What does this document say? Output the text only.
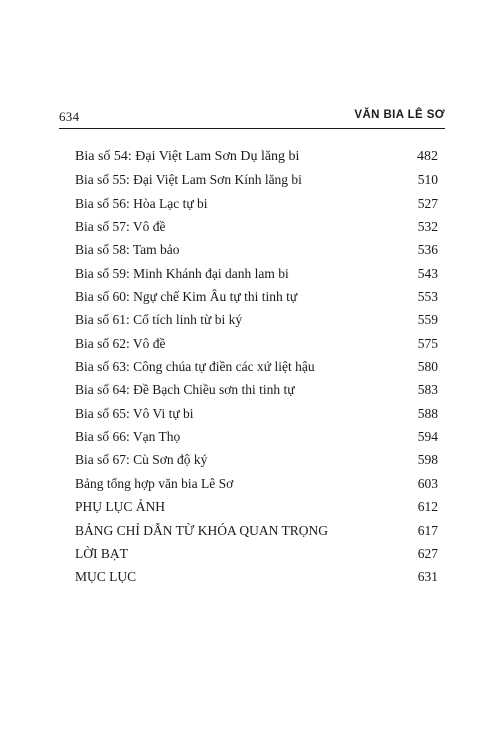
634	VĂN BIA LÊ SƠ
Bia số 54: Đại Việt Lam Sơn Dụ lăng bi	482
Bia số 55: Đại Việt Lam Sơn Kính lăng bi	510
Bia số 56: Hòa Lạc tự bi	527
Bia số 57: Vô đề	532
Bia số 58: Tam bảo	536
Bia số 59: Minh Khánh đại danh lam bi	543
Bia số 60: Ngự chế Kim Âu tự thi tinh tự	553
Bia số 61: Cổ tích linh từ bi ký	559
Bia số 62: Vô đề	575
Bia số 63: Công chúa tự điền các xứ liệt hậu	580
Bia số 64: Đề Bạch Chiều sơn thi tinh tự	583
Bia số 65: Vô Vi tự bi	588
Bia số 66: Vạn Thọ	594
Bia số 67: Cù Sơn độ ký	598
Bảng tổng hợp văn bia Lê Sơ	603
PHỤ LỤC ẢNH	612
BẢNG CHỈ DẪN TỪ KHÓA QUAN TRỌNG	617
LỜI BẠT	627
MỤC LỤC	631
